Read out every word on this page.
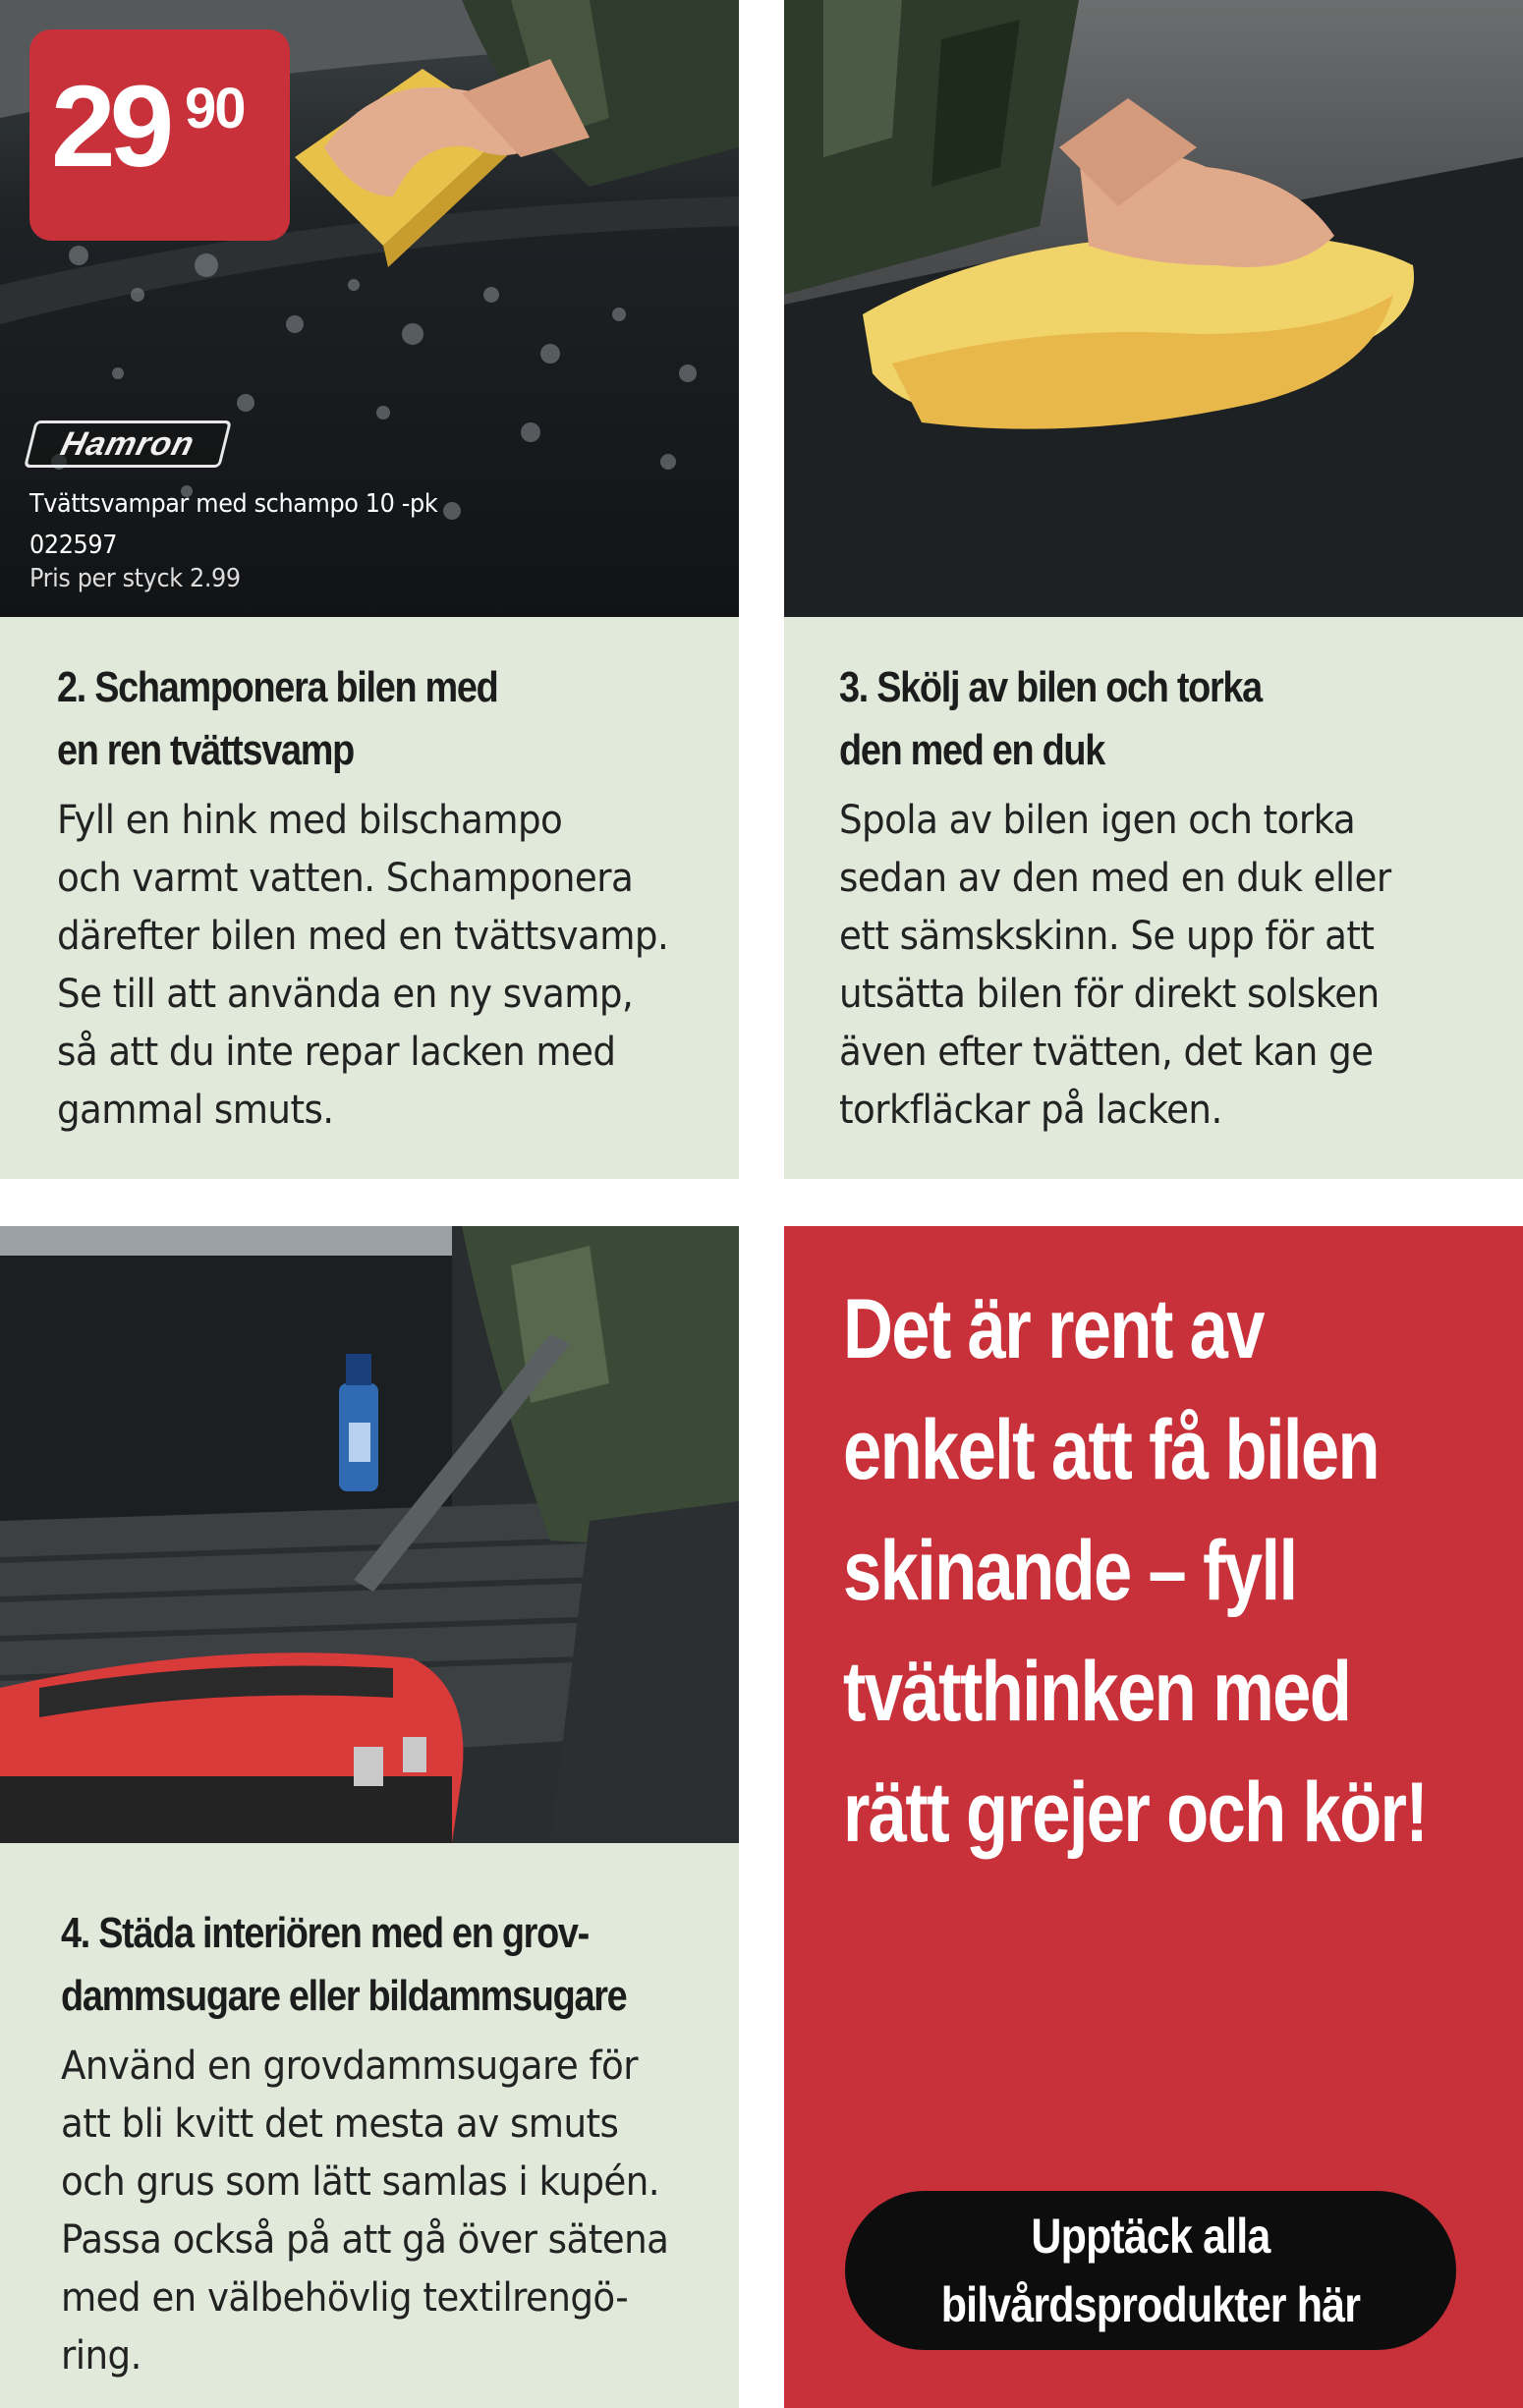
29 90
Hamron
Tvättsvampar med schampo 10 -pk
022597
Pris per styck 2.99
2. Schamponera bilen med
en ren tvättsvamp
Fyll en hink med bilschampo
och varmt vatten. Schamponera
därefter bilen med en tvättsvamp.
Se till att använda en ny svamp,
så att du inte repar lacken med
gammal smuts.
3. Skölj av bilen och torka
den med en duk
Spola av bilen igen och torka
sedan av den med en duk eller
ett sämskskinn. Se upp för att
utsätta bilen för direkt solsken
även efter tvätten, det kan ge
torkfläckar på lacken.
4. Städa interiören med en grov-
dammsugare eller bildammsugare
Använd en grovdammsugare för
att bli kvitt det mesta av smuts
och grus som lätt samlas i kupén.
Passa också på att gå över sätena
med en välbehövlig textilrengö-
ring.
Det är rent av
enkelt att få bilen
skinande – fyll
tvätthinken med
rätt grejer och kör!
Upptäck alla
bilvårdsprodukter här
